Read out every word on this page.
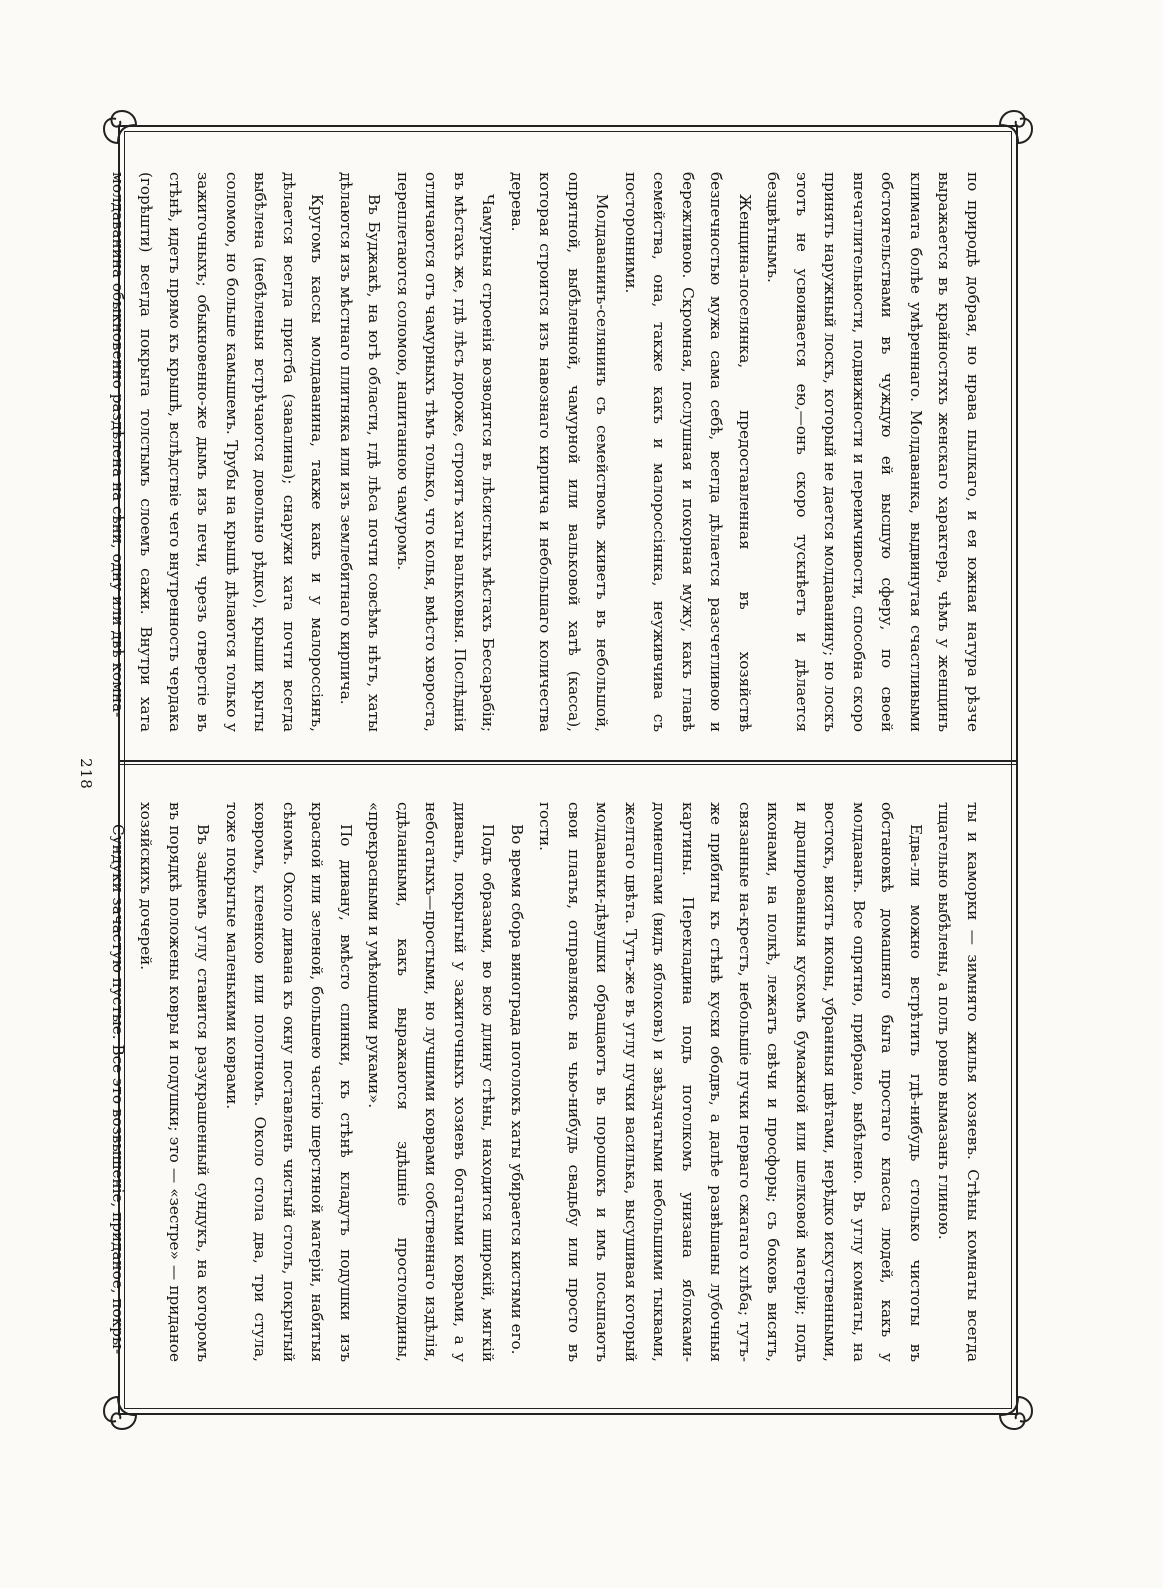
по природѣ добрая, но нрава пылкаго, и ея южная натура рѣзче выражается въ крайностяхъ женскаго характера, чѣмъ у женщинъ климата болѣе умѣреннаго. Молдаванка, выдвинутая счастливыми обстоятельствами въ чуждую ей высшую сферу, по своей впечатлительности, подвижности и переимчивости, способна скоро принять наружный лоскъ, который не дается молдаванину; но лоскъ этотъ не усвоивается ею,—онъ скоро тускнѣетъ и дѣлается безцвѣтнымъ.

Женщина-поселянка, предоставленная въ хозяйствѣ безпечностью мужа сама себѣ, всегда дѣлается разсчетливою и бережливою. Скромная, послушная и покорная мужу, какъ главѣ семейства, она, также какъ и малороссіянка, неуживчива съ посторонними.

Молдаванинъ-селянинъ съ семействомъ живетъ въ небольшой, опрятной, выбѣленной, чамурной или вальковой хатѣ (касса), которая строится изъ навознаго кирпича и небольшаго количества дерева.

Чамурныя строенія возводятся въ лѣсистыхъ мѣстахъ Бессарабіи; въ мѣстахъ же, гдѣ лѣсъ дороже, строятъ хаты вальковыя. Послѣднія отличаются отъ чамурныхъ тѣмъ только, что колья, вмѣсто хвороста, переплетаются соломою, напитанною чамуромъ.

Въ Буджакѣ, на югѣ области, гдѣ лѣса почти совсѣмъ нѣтъ, хаты дѣлаются изъ мѣстнаго плитняка или изъ землебитнаго кирпича.

Кругомъ кассы молдаванина, также какъ и у малороссіянъ, дѣлается всегда пристба (завалина); снаружи хата почти всегда выбѣлена (небѣленыя встрѣчаются довольно рѣдко), крыши крыты соломою, но больше камышемъ. Трубы на крышѣ дѣлаются только у зажиточныхъ; обыкновенно-же дымъ изъ печи, чрезъ отверстіе въ стѣнѣ, идетъ прямо къ крышѣ, вслѣдствіе чего внутренность чердака (горѣшти) всегда покрыта толстымъ слоемъ сажи. Внутри хата молдаванина обыкновенно раздѣлена на сѣни, одну или двѣ комна-

ты и каморки — зимнято жилья хозяевъ. Стѣны комнаты всегда тщательно выбѣлены, а полъ ровно вымазанъ глиною.

Едва-ли можно встрѣтить гдѣ-нибудь столько чистоты въ обстановкѣ домашняго быта простаго класса людей, какъ у молдаванъ. Все опрятно, прибрано, выбѣлено. Въ углу комнаты, на востокъ, висятъ иконы, убранныя цвѣтами, нерѣдко искуственными, и драпированныя кускомъ бумажной или шелковой матеріи; подъ иконами, на полкѣ, лежатъ свѣчи и просфоры; съ боковъ висятъ, связанные на-крестъ, небольшіе пучки перваго сжатаго хлѣба; тутъ-же прибиты къ стѣнѣ куски ободвъ, а далѣе развѣшаны лубочныя картины. Перекладина подъ потолкомъ унизана яблоками-домнештами (видъ яблоковъ) и звѣздчатыми небольшими тыквами, желтаго цвѣта. Тутъ-же въ углу пучки василька, высушивая который молдаванки-дѣвушки обращаютъ въ порошокъ и имъ посыпаютъ свои платья, отправляясь на чью-нибудь свадьбу или просто въ гости.

Во время сбора винограда потолокъ хаты убирается кистями его.

Подъ образами, во всю длину стѣны, находится широкій, мягкій диванъ, покрытый у зажиточныхъ хозяевъ богатыми коврами, а у небогатыхъ—простыми, но лучшими коврами собственнаго издѣлія, сдѣланными, какъ выражаются здѣшніе простолюдины, «прекрасными и умѣющими руками».

По дивану, вмѣсто спинки, къ стѣнѣ кладутъ подушки изъ красной или зеленой, большею частію шерстяной матеріи, набитыя сѣномъ. Около дивана къ окну поставленъ чистый столъ, покрытый ковромъ, клеенкою или полотномъ. Около стола два, три стула, тоже покрытые маленькими коврами.

Въ заднемъ углу ставится разукрашенный сундукъ, на которомъ въ порядкѣ положены ковры и подушки; это — «зестре» — приданое хозяйскихъ дочерей.

Сундуки зачастую пустые. Все это возвышеніе, приданое, покры-

218
